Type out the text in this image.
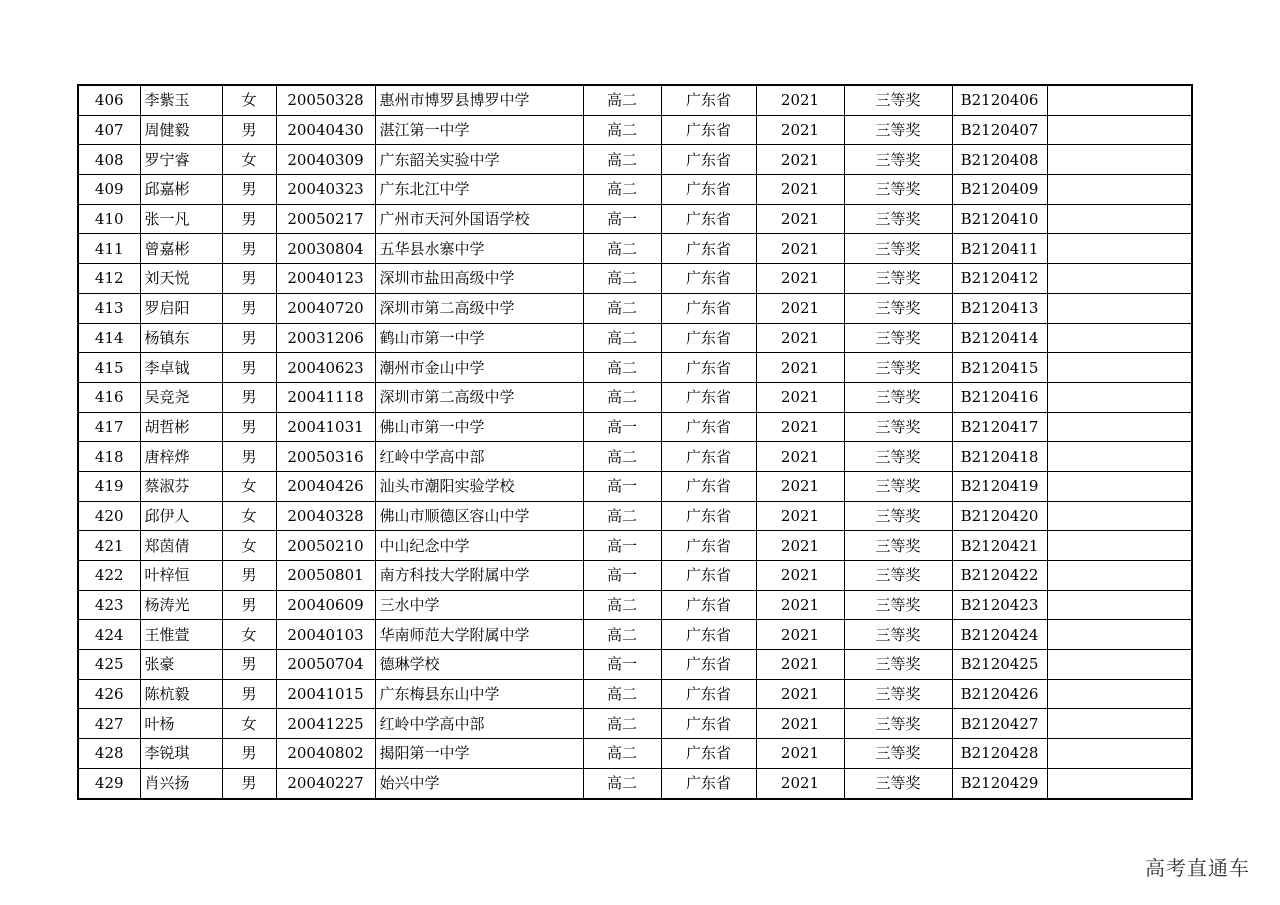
406	李紫玉	女	20050328	惠州市博罗县博罗中学	高二	广东省	2021	三等奖	B2120406	
407	周健毅	男	20040430	湛江第一中学	高二	广东省	2021	三等奖	B2120407	
408	罗宁睿	女	20040309	广东韶关实验中学	高二	广东省	2021	三等奖	B2120408	
409	邱嘉彬	男	20040323	广东北江中学	高二	广东省	2021	三等奖	B2120409	
410	张一凡	男	20050217	广州市天河外国语学校	高一	广东省	2021	三等奖	B2120410	
411	曾嘉彬	男	20030804	五华县水寨中学	高二	广东省	2021	三等奖	B2120411	
412	刘天悦	男	20040123	深圳市盐田高级中学	高二	广东省	2021	三等奖	B2120412	
413	罗启阳	男	20040720	深圳市第二高级中学	高二	广东省	2021	三等奖	B2120413	
414	杨镇东	男	20031206	鹤山市第一中学	高二	广东省	2021	三等奖	B2120414	
415	李卓钺	男	20040623	潮州市金山中学	高二	广东省	2021	三等奖	B2120415	
416	吴竞尧	男	20041118	深圳市第二高级中学	高二	广东省	2021	三等奖	B2120416	
417	胡哲彬	男	20041031	佛山市第一中学	高一	广东省	2021	三等奖	B2120417	
418	唐梓烨	男	20050316	红岭中学高中部	高二	广东省	2021	三等奖	B2120418	
419	蔡淑芬	女	20040426	汕头市潮阳实验学校	高一	广东省	2021	三等奖	B2120419	
420	邱伊人	女	20040328	佛山市顺德区容山中学	高二	广东省	2021	三等奖	B2120420	
421	郑茵倩	女	20050210	中山纪念中学	高一	广东省	2021	三等奖	B2120421	
422	叶梓恒	男	20050801	南方科技大学附属中学	高一	广东省	2021	三等奖	B2120422	
423	杨涛光	男	20040609	三水中学	高二	广东省	2021	三等奖	B2120423	
424	王惟萱	女	20040103	华南师范大学附属中学	高二	广东省	2021	三等奖	B2120424	
425	张豪	男	20050704	德琳学校	高一	广东省	2021	三等奖	B2120425	
426	陈杭毅	男	20041015	广东梅县东山中学	高二	广东省	2021	三等奖	B2120426	
427	叶杨	女	20041225	红岭中学高中部	高二	广东省	2021	三等奖	B2120427	
428	李锐琪	男	20040802	揭阳第一中学	高二	广东省	2021	三等奖	B2120428	
429	肖兴扬	男	20040227	始兴中学	高二	广东省	2021	三等奖	B2120429	
高考直通车
